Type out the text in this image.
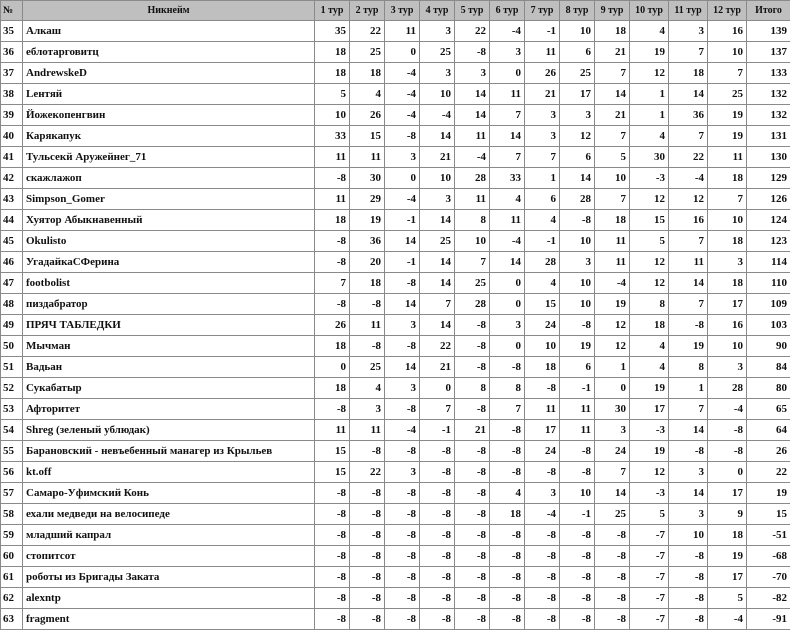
№	Никнейм	1 тур	2 тур	3 тур	4 тур	5 тур	6 тур	7 тур	8 тур	9 тур	10 тур	11 тур	12 тур	Итого
35	Алкаш	35	22	11	3	22	-4	-1	10	18	4	3	16	139
36	еблотарговитц	18	25	0	25	-8	3	11	6	21	19	7	10	137
37	AndrewskeD	18	18	-4	3	3	0	26	25	7	12	18	7	133
38	Lентяй	5	4	-4	10	14	11	21	17	14	1	14	25	132
39	Йожекопенгвин	10	26	-4	-4	14	7	3	3	21	1	36	19	132
40	Карякапук	33	15	-8	14	11	14	3	12	7	4	7	19	131
41	Тульсекй Аружейнег_71	11	11	3	21	-4	7	7	6	5	30	22	11	130
42	скажлажоп	-8	30	0	10	28	33	1	14	10	-3	-4	18	129
43	Simpson_Gomer	11	29	-4	3	11	4	6	28	7	12	12	7	126
44	Хуятор Абыкнавенный	18	19	-1	14	8	11	4	-8	18	15	16	10	124
45	Okulisto	-8	36	14	25	10	-4	-1	10	11	5	7	18	123
46	УгадайкаСФерина	-8	20	-1	14	7	14	28	3	11	12	11	3	114
47	footbolist	7	18	-8	14	25	0	4	10	-4	12	14	18	110
48	пиздабратор	-8	-8	14	7	28	0	15	10	19	8	7	17	109
49	ПРЯЧ ТАБЛЕДКИ	26	11	3	14	-8	3	24	-8	12	18	-8	16	103
50	Мычман	18	-8	-8	22	-8	0	10	19	12	4	19	10	90
51	Вадьан	0	25	14	21	-8	-8	18	6	1	4	8	3	84
52	Сукабатыр	18	4	3	0	8	8	-8	-1	0	19	1	28	80
53	Афторитет	-8	3	-8	7	-8	7	11	11	30	17	7	-4	65
54	Shreg (зеленый ублюдак)	11	11	-4	-1	21	-8	17	11	3	-3	14	-8	64
55	Барановский - невъебенный манагер из Крыльев	15	-8	-8	-8	-8	-8	24	-8	24	19	-8	-8	26
56	kt.off	15	22	3	-8	-8	-8	-8	-8	7	12	3	0	22
57	Самаро-Уфимский Конь	-8	-8	-8	-8	-8	4	3	10	14	-3	14	17	19
58	ехали медведи на велосипеде	-8	-8	-8	-8	-8	18	-4	-1	25	5	3	9	15
59	младший капрал	-8	-8	-8	-8	-8	-8	-8	-8	-8	-7	10	18	-51
60	стопитсот	-8	-8	-8	-8	-8	-8	-8	-8	-8	-7	-8	19	-68
61	роботы из Бригады Заката	-8	-8	-8	-8	-8	-8	-8	-8	-8	-7	-8	17	-70
62	alexntp	-8	-8	-8	-8	-8	-8	-8	-8	-8	-7	-8	5	-82
63	fragment	-8	-8	-8	-8	-8	-8	-8	-8	-8	-7	-8	-4	-91
